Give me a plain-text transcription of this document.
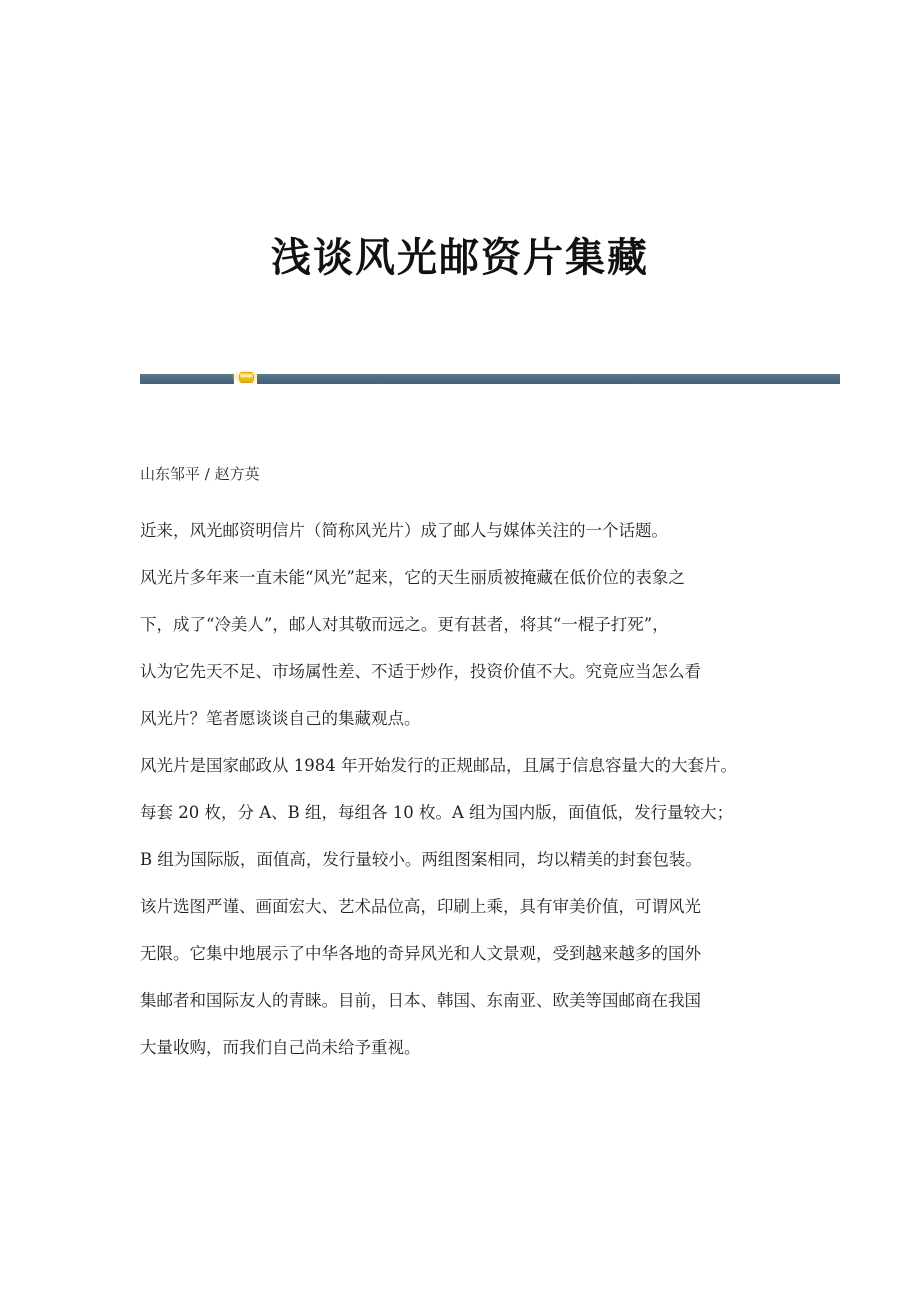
浅谈风光邮资片集藏
山东邹平 / 赵方英

近来，风光邮资明信片（简称风光片）成了邮人与媒体关注的一个话题。

风光片多年来一直未能“风光”起来，它的天生丽质被掩藏在低价位的表象之
下，成了“冷美人”，邮人对其敬而远之。更有甚者，将其“一棍子打死”，
认为它先天不足、市场属性差、不适于炒作，投资价值不大。究竟应当怎么看
风光片？笔者愿谈谈自己的集藏观点。

风光片是国家邮政从 1984 年开始发行的正规邮品，且属于信息容量大的大套片。
每套 20 枚，分 A、B 组，每组各 10 枚。A 组为国内版，面值低，发行量较大；
B 组为国际版，面值高，发行量较小。两组图案相同，均以精美的封套包装。
该片选图严谨、画面宏大、艺术品位高，印刷上乘，具有审美价值，可谓风光
无限。它集中地展示了中华各地的奇异风光和人文景观，受到越来越多的国外
集邮者和国际友人的青睐。目前，日本、韩国、东南亚、欧美等国邮商在我国
大量收购，而我们自己尚未给予重视。
